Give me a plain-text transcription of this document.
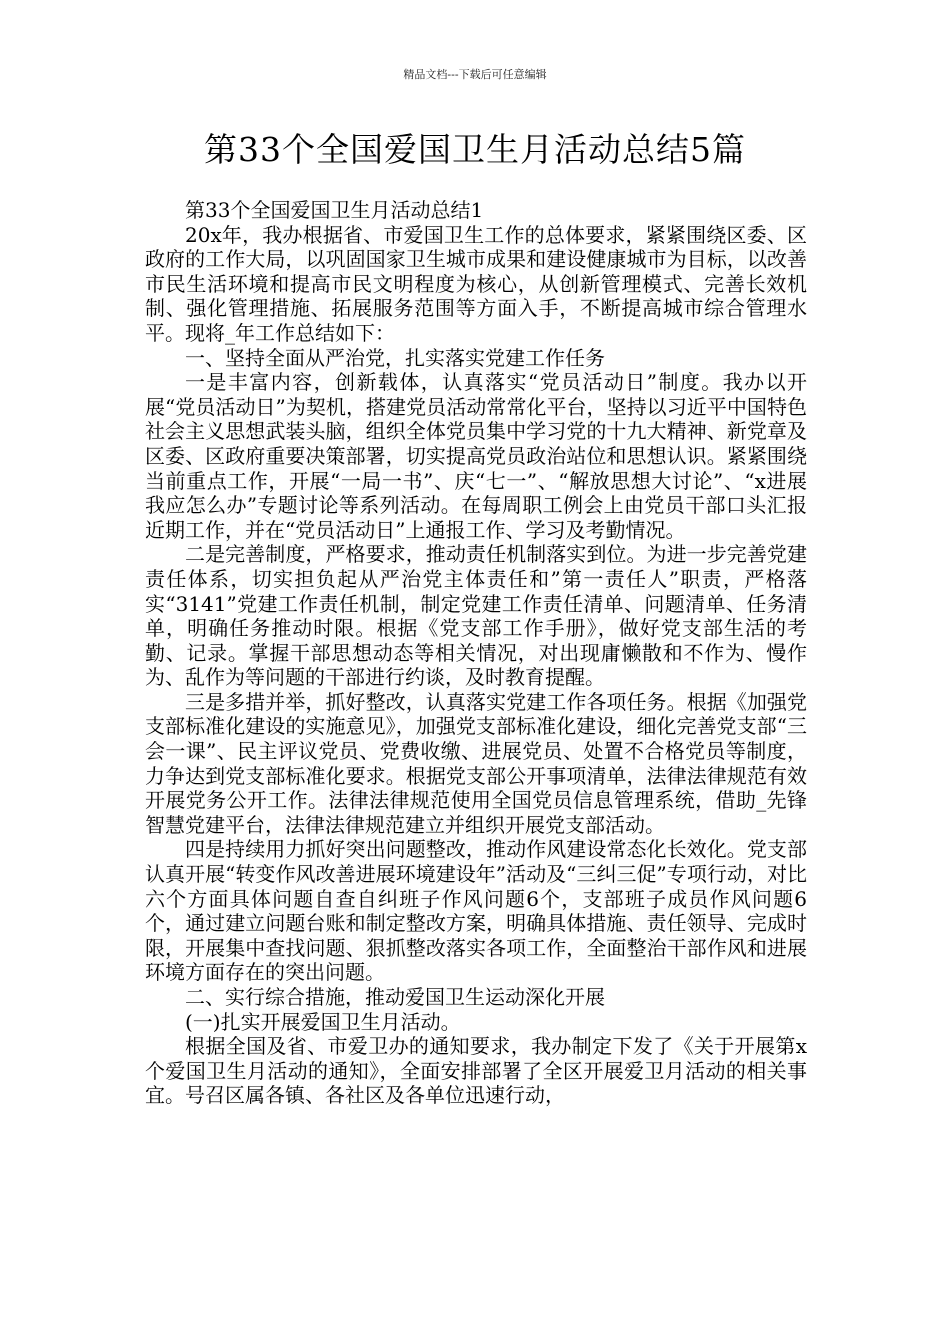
精品文档---下载后可任意编辑
第33个全国爱国卫生月活动总结5篇

第33个全国爱国卫生月活动总结1

20x年，我办根据省、市爱国卫生工作的总体要求，紧紧围绕区委、区政府的工作大局，以巩固国家卫生城市成果和建设健康城市为目标，以改善市民生活环境和提高市民文明程度为核心，从创新管理模式、完善长效机制、强化管理措施、拓展服务范围等方面入手，不断提高城市综合管理水平。现将_年工作总结如下：

一、坚持全面从严治党，扎实落实党建工作任务

一是丰富内容，创新载体，认真落实“党员活动日”制度。我办以开展“党员活动日”为契机，搭建党员活动常常化平台，坚持以习近平中国特色社会主义思想武装头脑，组织全体党员集中学习党的十九大精神、新党章及区委、区政府重要决策部署，切实提高党员政治站位和思想认识。紧紧围绕当前重点工作，开展“一局一书”、庆“七一”、“解放思想大讨论”、“x进展我应怎么办”专题讨论等系列活动。在每周职工例会上由党员干部口头汇报近期工作，并在“党员活动日”上通报工作、学习及考勤情况。

二是完善制度，严格要求，推动责任机制落实到位。为进一步完善党建责任体系，切实担负起从严治党主体责任和”第一责任人”职责，严格落实“3141”党建工作责任机制，制定党建工作责任清单、问题清单、任务清单，明确任务推动时限。根据《党支部工作手册》，做好党支部生活的考勤、记录。掌握干部思想动态等相关情况，对出现庸懒散和不作为、慢作为、乱作为等问题的干部进行约谈，及时教育提醒。

三是多措并举，抓好整改，认真落实党建工作各项任务。根据《加强党支部标准化建设的实施意见》，加强党支部标准化建设，细化完善党支部“三会一课”、民主评议党员、党费收缴、进展党员、处置不合格党员等制度，力争达到党支部标准化要求。根据党支部公开事项清单，法律法律规范有效开展党务公开工作。法律法律规范使用全国党员信息管理系统，借助_先锋智慧党建平台，法律法律规范建立并组织开展党支部活动。

四是持续用力抓好突出问题整改，推动作风建设常态化长效化。党支部认真开展“转变作风改善进展环境建设年”活动及“三纠三促”专项行动，对比六个方面具体问题自查自纠班子作风问题6个，支部班子成员作风问题6个，通过建立问题台账和制定整改方案，明确具体措施、责任领导、完成时限，开展集中查找问题、狠抓整改落实各项工作，全面整治干部作风和进展环境方面存在的突出问题。

二、实行综合措施，推动爱国卫生运动深化开展

(一)扎实开展爱国卫生月活动。

根据全国及省、市爱卫办的通知要求，我办制定下发了《关于开展第x个爱国卫生月活动的通知》，全面安排部署了全区开展爱卫月活动的相关事宜。号召区属各镇、各社区及各单位迅速行动，
